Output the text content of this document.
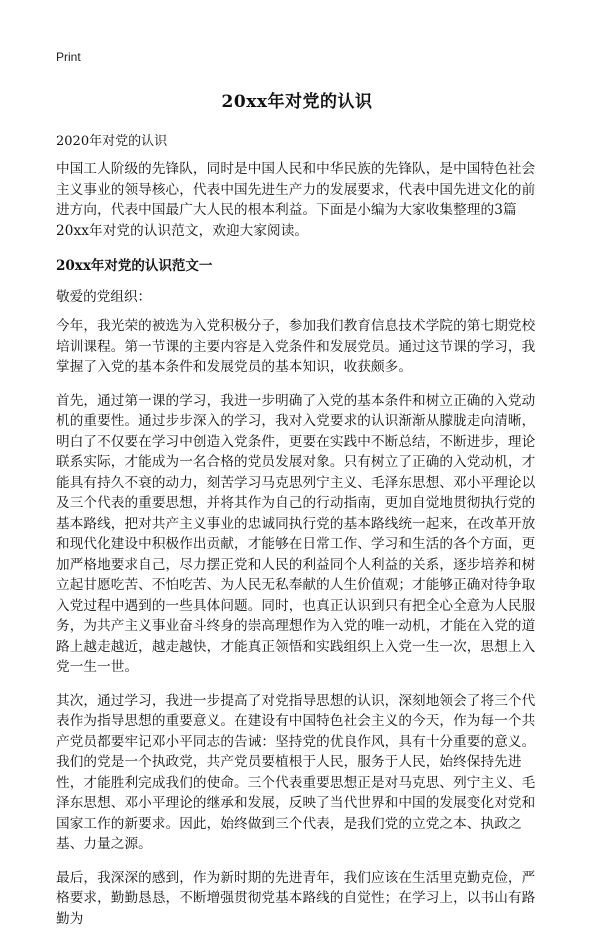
Print
20xx年对党的认识
2020年对党的认识

中国工人阶级的先锋队，同时是中国人民和中华民族的先锋队，是中国特色社会主义事业的领导核心，代表中国先进生产力的发展要求，代表中国先进文化的前进方向，代表中国最广大人民的根本利益。下面是小编为大家收集整理的3篇20xx年对党的认识范文，欢迎大家阅读。

20xx年对党的认识范文一
敬爱的党组织：

今年，我光荣的被选为入党积极分子，参加我们教育信息技术学院的第七期党校培训课程。第一节课的主要内容是入党条件和发展党员。通过这节课的学习，我掌握了入党的基本条件和发展党员的基本知识，收获颇多。

首先，通过第一课的学习，我进一步明确了入党的基本条件和树立正确的入党动机的重要性。通过步步深入的学习，我对入党要求的认识渐渐从朦胧走向清晰，明白了不仅要在学习中创造入党条件，更要在实践中不断总结，不断进步，理论联系实际，才能成为一名合格的党员发展对象。只有树立了正确的入党动机，才能具有持久不衰的动力，刻苦学习马克思列宁主义、毛泽东思想、邓小平理论以及三个代表的重要思想，并将其作为自己的行动指南，更加自觉地贯彻执行党的基本路线，把对共产主义事业的忠诚同执行党的基本路线统一起来，在改革开放和现代化建设中积极作出贡献，才能够在日常工作、学习和生活的各个方面，更加严格地要求自己，尽力摆正党和人民的利益同个人利益的关系，逐步培养和树立起甘愿吃苦、不怕吃苦、为人民无私奉献的人生价值观；才能够正确对待争取入党过程中遇到的一些具体问题。同时，也真正认识到只有把全心全意为人民服务，为共产主义事业奋斗终身的崇高理想作为入党的唯一动机，才能在入党的道路上越走越近，越走越快，才能真正领悟和实践组织上入党一生一次，思想上入党一生一世。

其次，通过学习，我进一步提高了对党指导思想的认识，深刻地领会了将三个代表作为指导思想的重要意义。在建设有中国特色社会主义的今天，作为每一个共产党员都要牢记邓小平同志的告诫：坚持党的优良作风，具有十分重要的意义。我们的党是一个执政党，共产党员要植根于人民，服务于人民，始终保持先进性，才能胜利完成我们的使命。三个代表重要思想正是对马克思、列宁主义、毛泽东思想、邓小平理论的继承和发展，反映了当代世界和中国的发展变化对党和国家工作的新要求。因此，始终做到三个代表，是我们党的立党之本、执政之基、力量之源。

最后，我深深的感到，作为新时期的先进青年，我们应该在生活里克勤克俭，严格要求，勤勤恳恳，不断增强贯彻党基本路线的自觉性；在学习上，以书山有路勤为
